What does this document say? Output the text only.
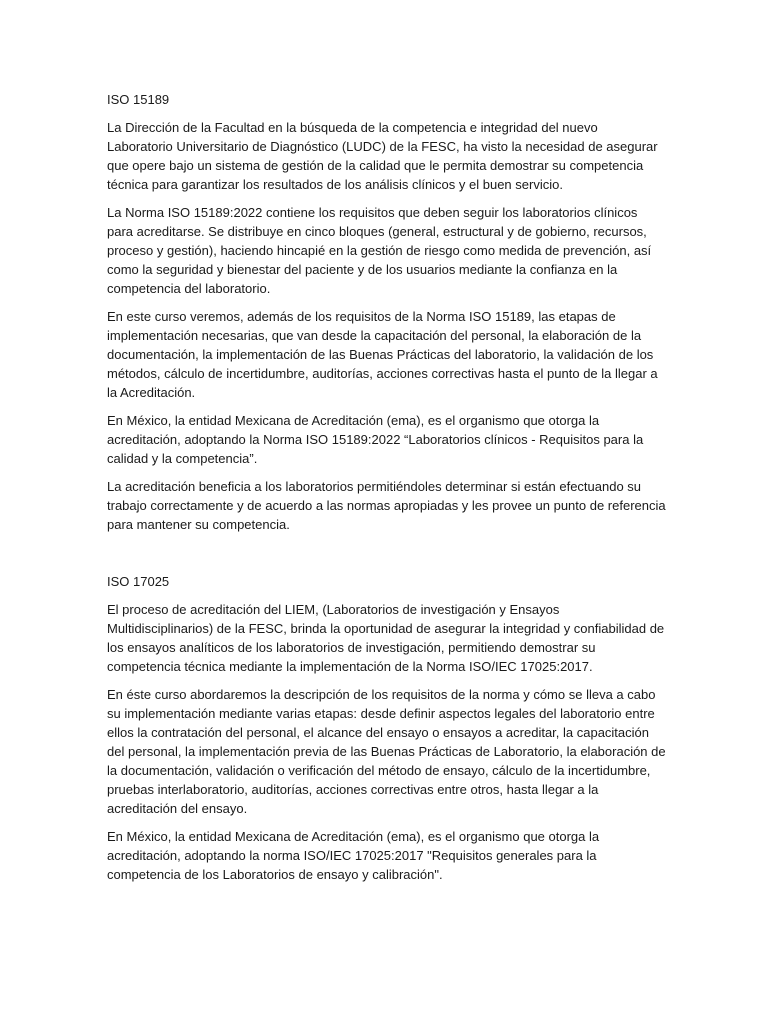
ISO 15189
La Dirección de la Facultad en la búsqueda de la competencia e integridad del nuevo Laboratorio Universitario de Diagnóstico (LUDC) de la FESC, ha visto la necesidad de asegurar que opere bajo un sistema de gestión de la calidad que le permita demostrar su competencia técnica para garantizar los resultados de los análisis clínicos y el buen servicio.
La Norma ISO 15189:2022 contiene los requisitos que deben seguir los laboratorios clínicos para acreditarse. Se distribuye en cinco bloques (general, estructural y de gobierno, recursos, proceso y gestión), haciendo hincapié en la gestión de riesgo como medida de prevención, así como la seguridad y bienestar del paciente y de los usuarios mediante la confianza en la competencia del laboratorio.
En este curso veremos, además de los requisitos de la Norma ISO 15189, las etapas de implementación necesarias, que van desde la capacitación del personal, la elaboración de la documentación, la implementación de las Buenas Prácticas del laboratorio, la validación de los métodos, cálculo de incertidumbre, auditorías, acciones correctivas hasta el punto de la llegar a la Acreditación.
En México, la entidad Mexicana de Acreditación (ema), es el organismo que otorga la acreditación, adoptando la Norma ISO 15189:2022 “Laboratorios clínicos - Requisitos para la calidad y la competencia”.
La acreditación beneficia a los laboratorios permitiéndoles determinar si están efectuando su trabajo correctamente y de acuerdo a las normas apropiadas y les provee un punto de referencia para mantener su competencia.
ISO 17025
El proceso de acreditación del LIEM, (Laboratorios de investigación y Ensayos Multidisciplinarios) de la FESC, brinda la oportunidad de asegurar la integridad y confiabilidad de los ensayos analíticos de los laboratorios de investigación, permitiendo demostrar su competencia técnica mediante la implementación de la Norma ISO/IEC 17025:2017.
En éste curso abordaremos la descripción de los requisitos de la norma y cómo se lleva a cabo su implementación mediante varias etapas: desde definir aspectos legales del laboratorio entre ellos la contratación del personal, el alcance del ensayo o ensayos a acreditar, la capacitación del personal, la implementación previa de las Buenas Prácticas de Laboratorio, la elaboración de la documentación, validación o verificación del método de ensayo, cálculo de la incertidumbre, pruebas interlaboratorio, auditorías, acciones correctivas entre otros, hasta llegar a la acreditación del ensayo.
En México, la entidad Mexicana de Acreditación (ema), es el organismo que otorga la acreditación, adoptando la norma ISO/IEC 17025:2017 "Requisitos generales para la competencia de los Laboratorios de ensayo y calibración".
